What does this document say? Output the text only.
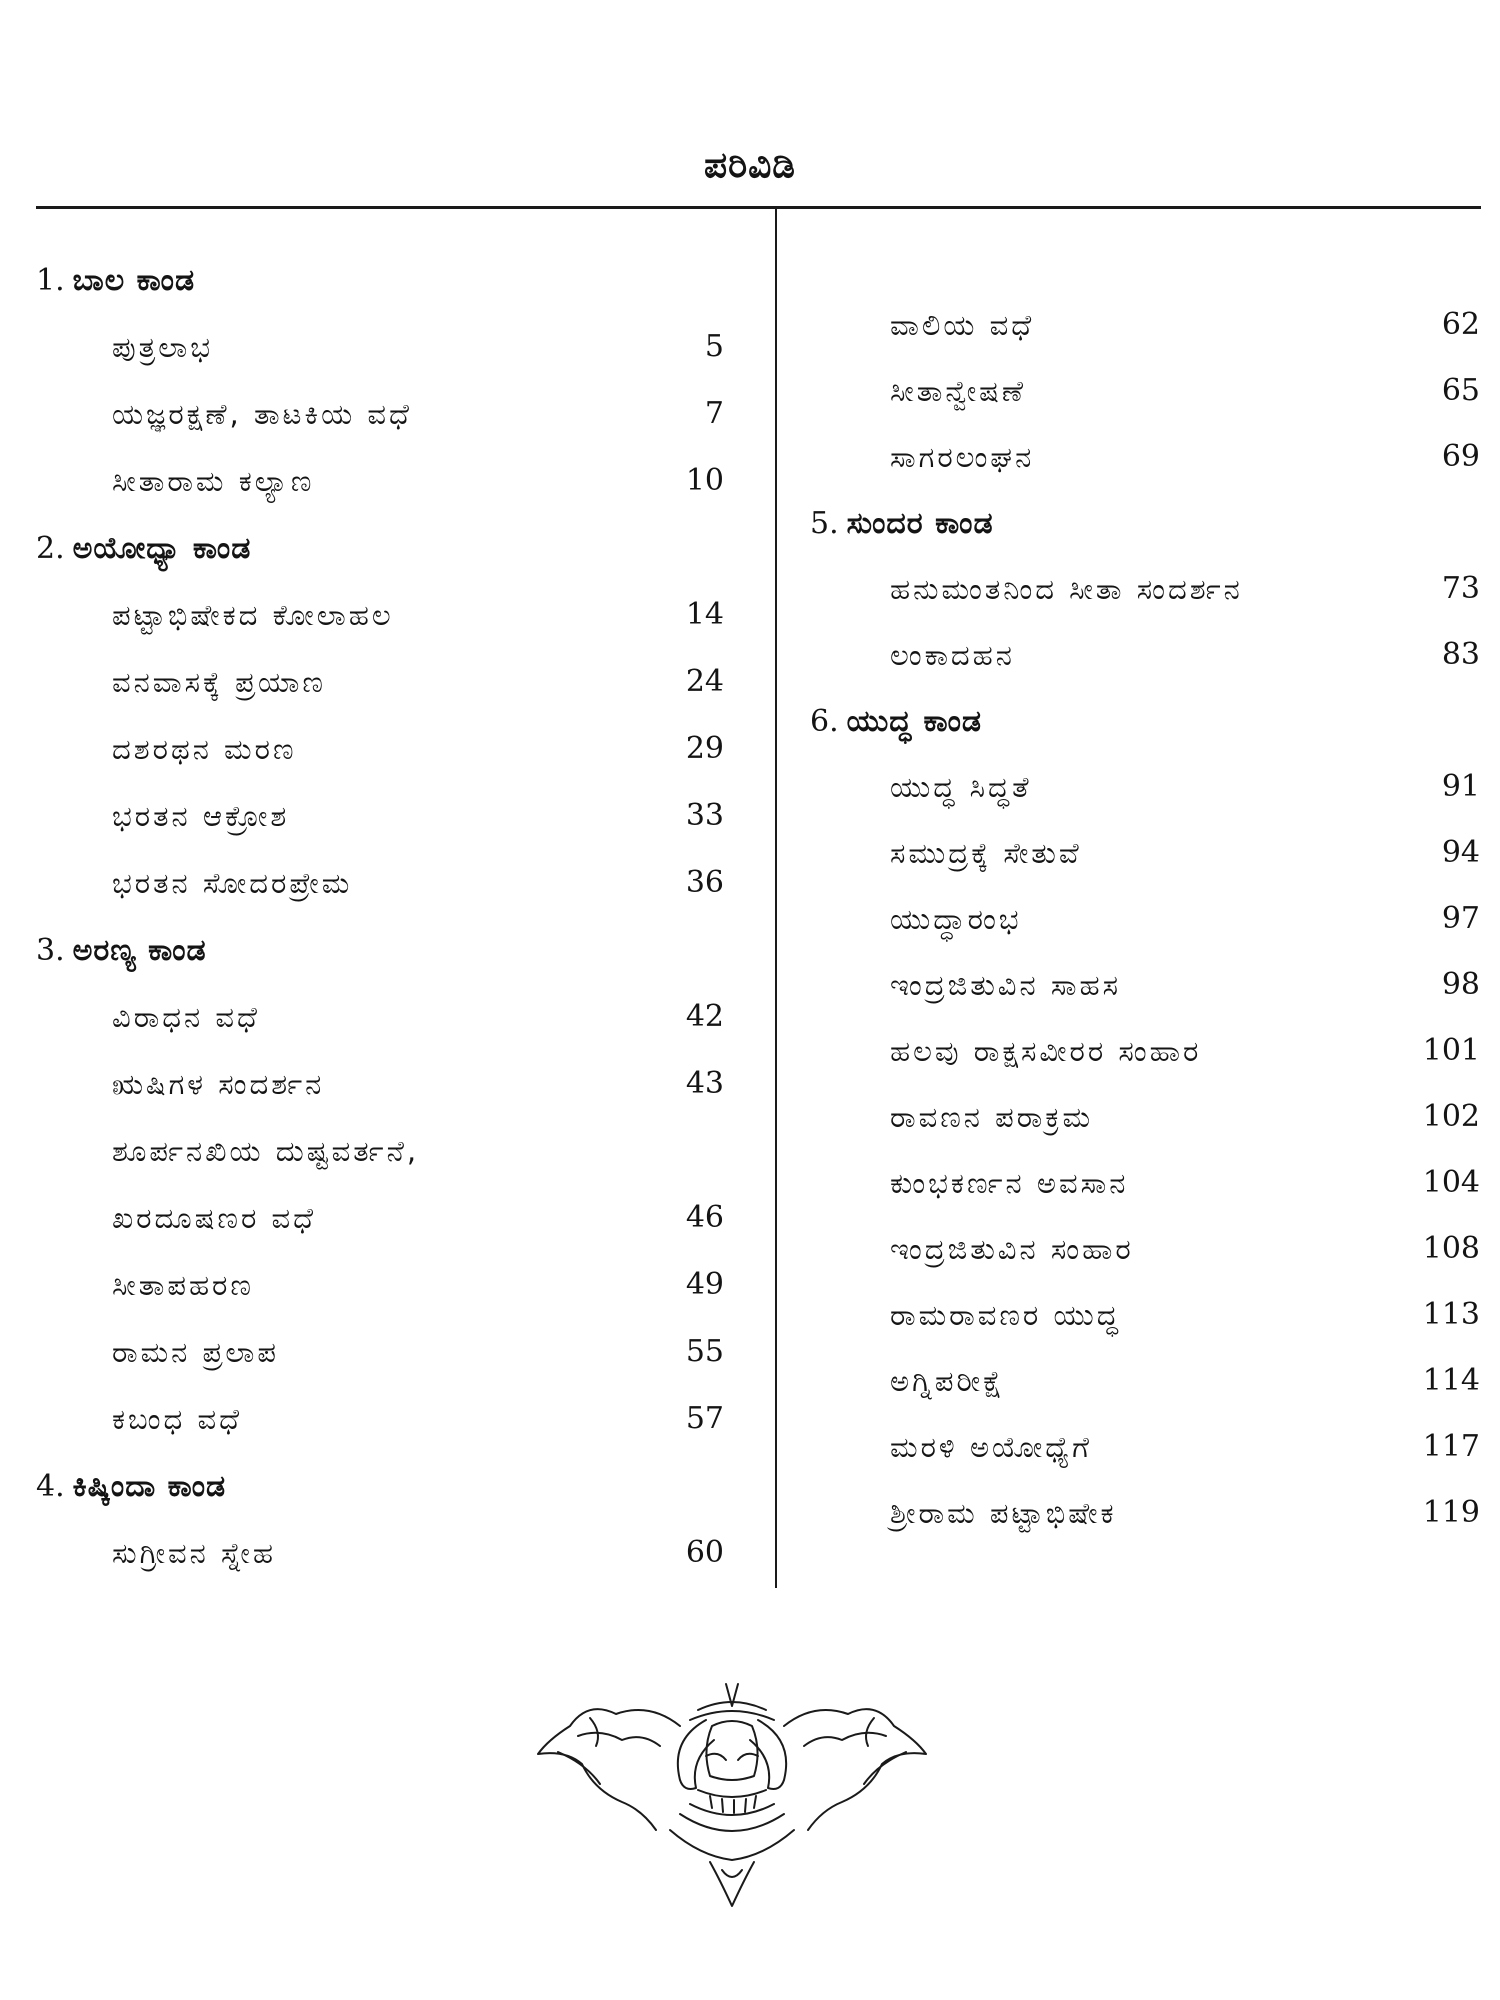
ಪರಿವಿಡಿ
1. ಬಾಲ ಕಾಂಡ
ಪುತ್ರಲಾಭ	5
ಯಜ್ಞರಕ್ಷಣೆ, ತಾಟಕಿಯ ವಧೆ	7
ಸೀತಾರಾಮ ಕಲ್ಯಾಣ	10
2. ಅಯೋಧ್ಯಾ ಕಾಂಡ
ಪಟ್ಟಾಭಿಷೇಕದ ಕೋಲಾಹಲ	14
ವನವಾಸಕ್ಕೆ ಪ್ರಯಾಣ	24
ದಶರಥನ ಮರಣ	29
ಭರತನ ಆಕ್ರೋಶ	33
ಭರತನ ಸೋದರಪ್ರೇಮ	36
3. ಅರಣ್ಯ ಕಾಂಡ
ವಿರಾಧನ ವಧೆ	42
ಋಷಿಗಳ ಸಂದರ್ಶನ	43
ಶೂರ್ಪನಖಿಯ ದುಷ್ಟವರ್ತನೆ,
ಖರದೂಷಣರ ವಧೆ	46
ಸೀತಾಪಹರಣ	49
ರಾಮನ ಪ್ರಲಾಪ	55
ಕಬಂಧ ವಧೆ	57
4. ಕಿಷ್ಕಿಂದಾ ಕಾಂಡ
ಸುಗ್ರೀವನ ಸ್ನೇಹ	60
ವಾಲಿಯ ವಧೆ	62
ಸೀತಾನ್ವೇಷಣೆ	65
ಸಾಗರಲಂಘನ	69
5. ಸುಂದರ ಕಾಂಡ
ಹನುಮಂತನಿಂದ ಸೀತಾ ಸಂದರ್ಶನ	73
ಲಂಕಾದಹನ	83
6. ಯುದ್ಧ ಕಾಂಡ
ಯುದ್ಧ ಸಿದ್ಧತೆ	91
ಸಮುದ್ರಕ್ಕೆ ಸೇತುವೆ	94
ಯುದ್ಧಾರಂಭ	97
ಇಂದ್ರಜಿತುವಿನ ಸಾಹಸ	98
ಹಲವು ರಾಕ್ಷಸವೀರರ ಸಂಹಾರ	101
ರಾವಣನ ಪರಾಕ್ರಮ	102
ಕುಂಭಕರ್ಣನ ಅವಸಾನ	104
ಇಂದ್ರಜಿತುವಿನ ಸಂಹಾರ	108
ರಾಮರಾವಣರ ಯುದ್ಧ	113
ಅಗ್ನಿಪರೀಕ್ಷೆ	114
ಮರಳಿ ಅಯೋಧ್ಯೆಗೆ	117
ಶ್ರೀರಾಮ ಪಟ್ಟಾಭಿಷೇಕ	119
